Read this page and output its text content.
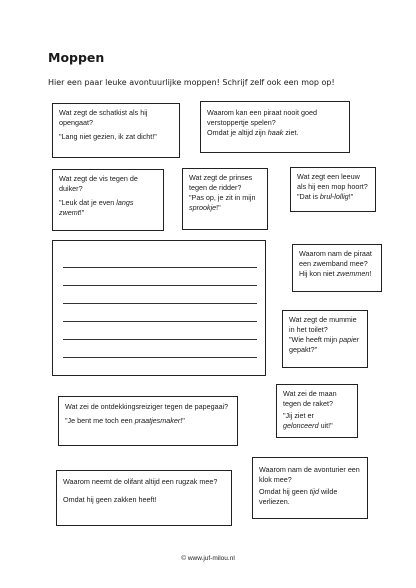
Moppen
Hier een paar leuke avontuurlijke moppen! Schrijf zelf ook een mop op!
Wat zegt de schatkist als hij opengaat?
"Lang niet gezien, ik zat dicht!"
Waarom kan een piraat nooit goed verstoppertje spelen?
Omdat je altijd zijn haak ziet.
Wat zegt de vis tegen de duiker?
"Leuk dat je even langs zwemt!"
Wat zegt de prinses tegen de ridder?
"Pas op, je zit in mijn sprookje!"
Wat zegt een leeuw als hij een mop hoort?
"Dat is brul-lollig!"
Waarom nam de piraat een zwemband mee?
Hij kon niet zwemmen!
Wat zegt de mummie in het toilet?
"Wie heeft mijn papier gepakt?"
Wat zei de ontdekkingsreiziger tegen de papegaai?
"Je bent me toch een praatjesmaker!"
Wat zei de maan tegen de raket?
"Jij ziet er gelonceerd uit!"
Waarom neemt de olifant altijd een rugzak mee?
Omdat hij geen zakken heeft!
Waarom nam de avonturier een klok mee?
Omdat hij geen tijd wilde verliezen.
© www.juf-milou.nl
